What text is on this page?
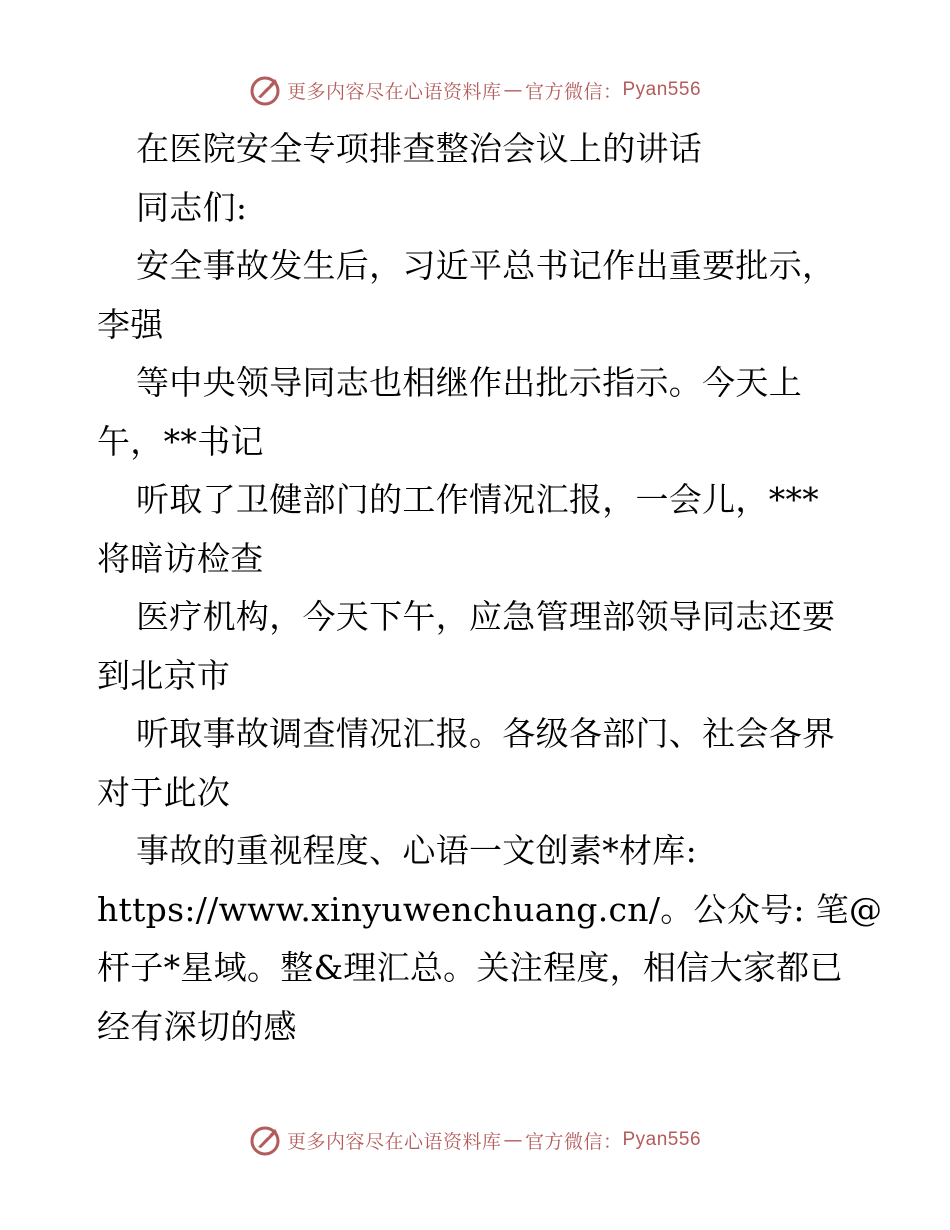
更多内容尽在心语资料库 — 官方微信： Pyan556
在医院安全专项排查整治会议上的讲话
同志们:
安全事故发生后，习近平总书记作出重要批示，
李强
等中央领导同志也相继作出批示指示。今天上
午，**书记
听取了卫健部门的工作情况汇报，一会儿，***
将暗访检查
医疗机构，今天下午，应急管理部领导同志还要
到北京市
听取事故调查情况汇报。各级各部门、社会各界
对于此次
事故的重视程度、心语一文创素*材库:
https://www.xinyuwenchuang.cn/。公众号: 笔@
杆子*星域。整&理汇总。关注程度，相信大家都已
经有深切的感
更多内容尽在心语资料库 — 官方微信： Pyan556
